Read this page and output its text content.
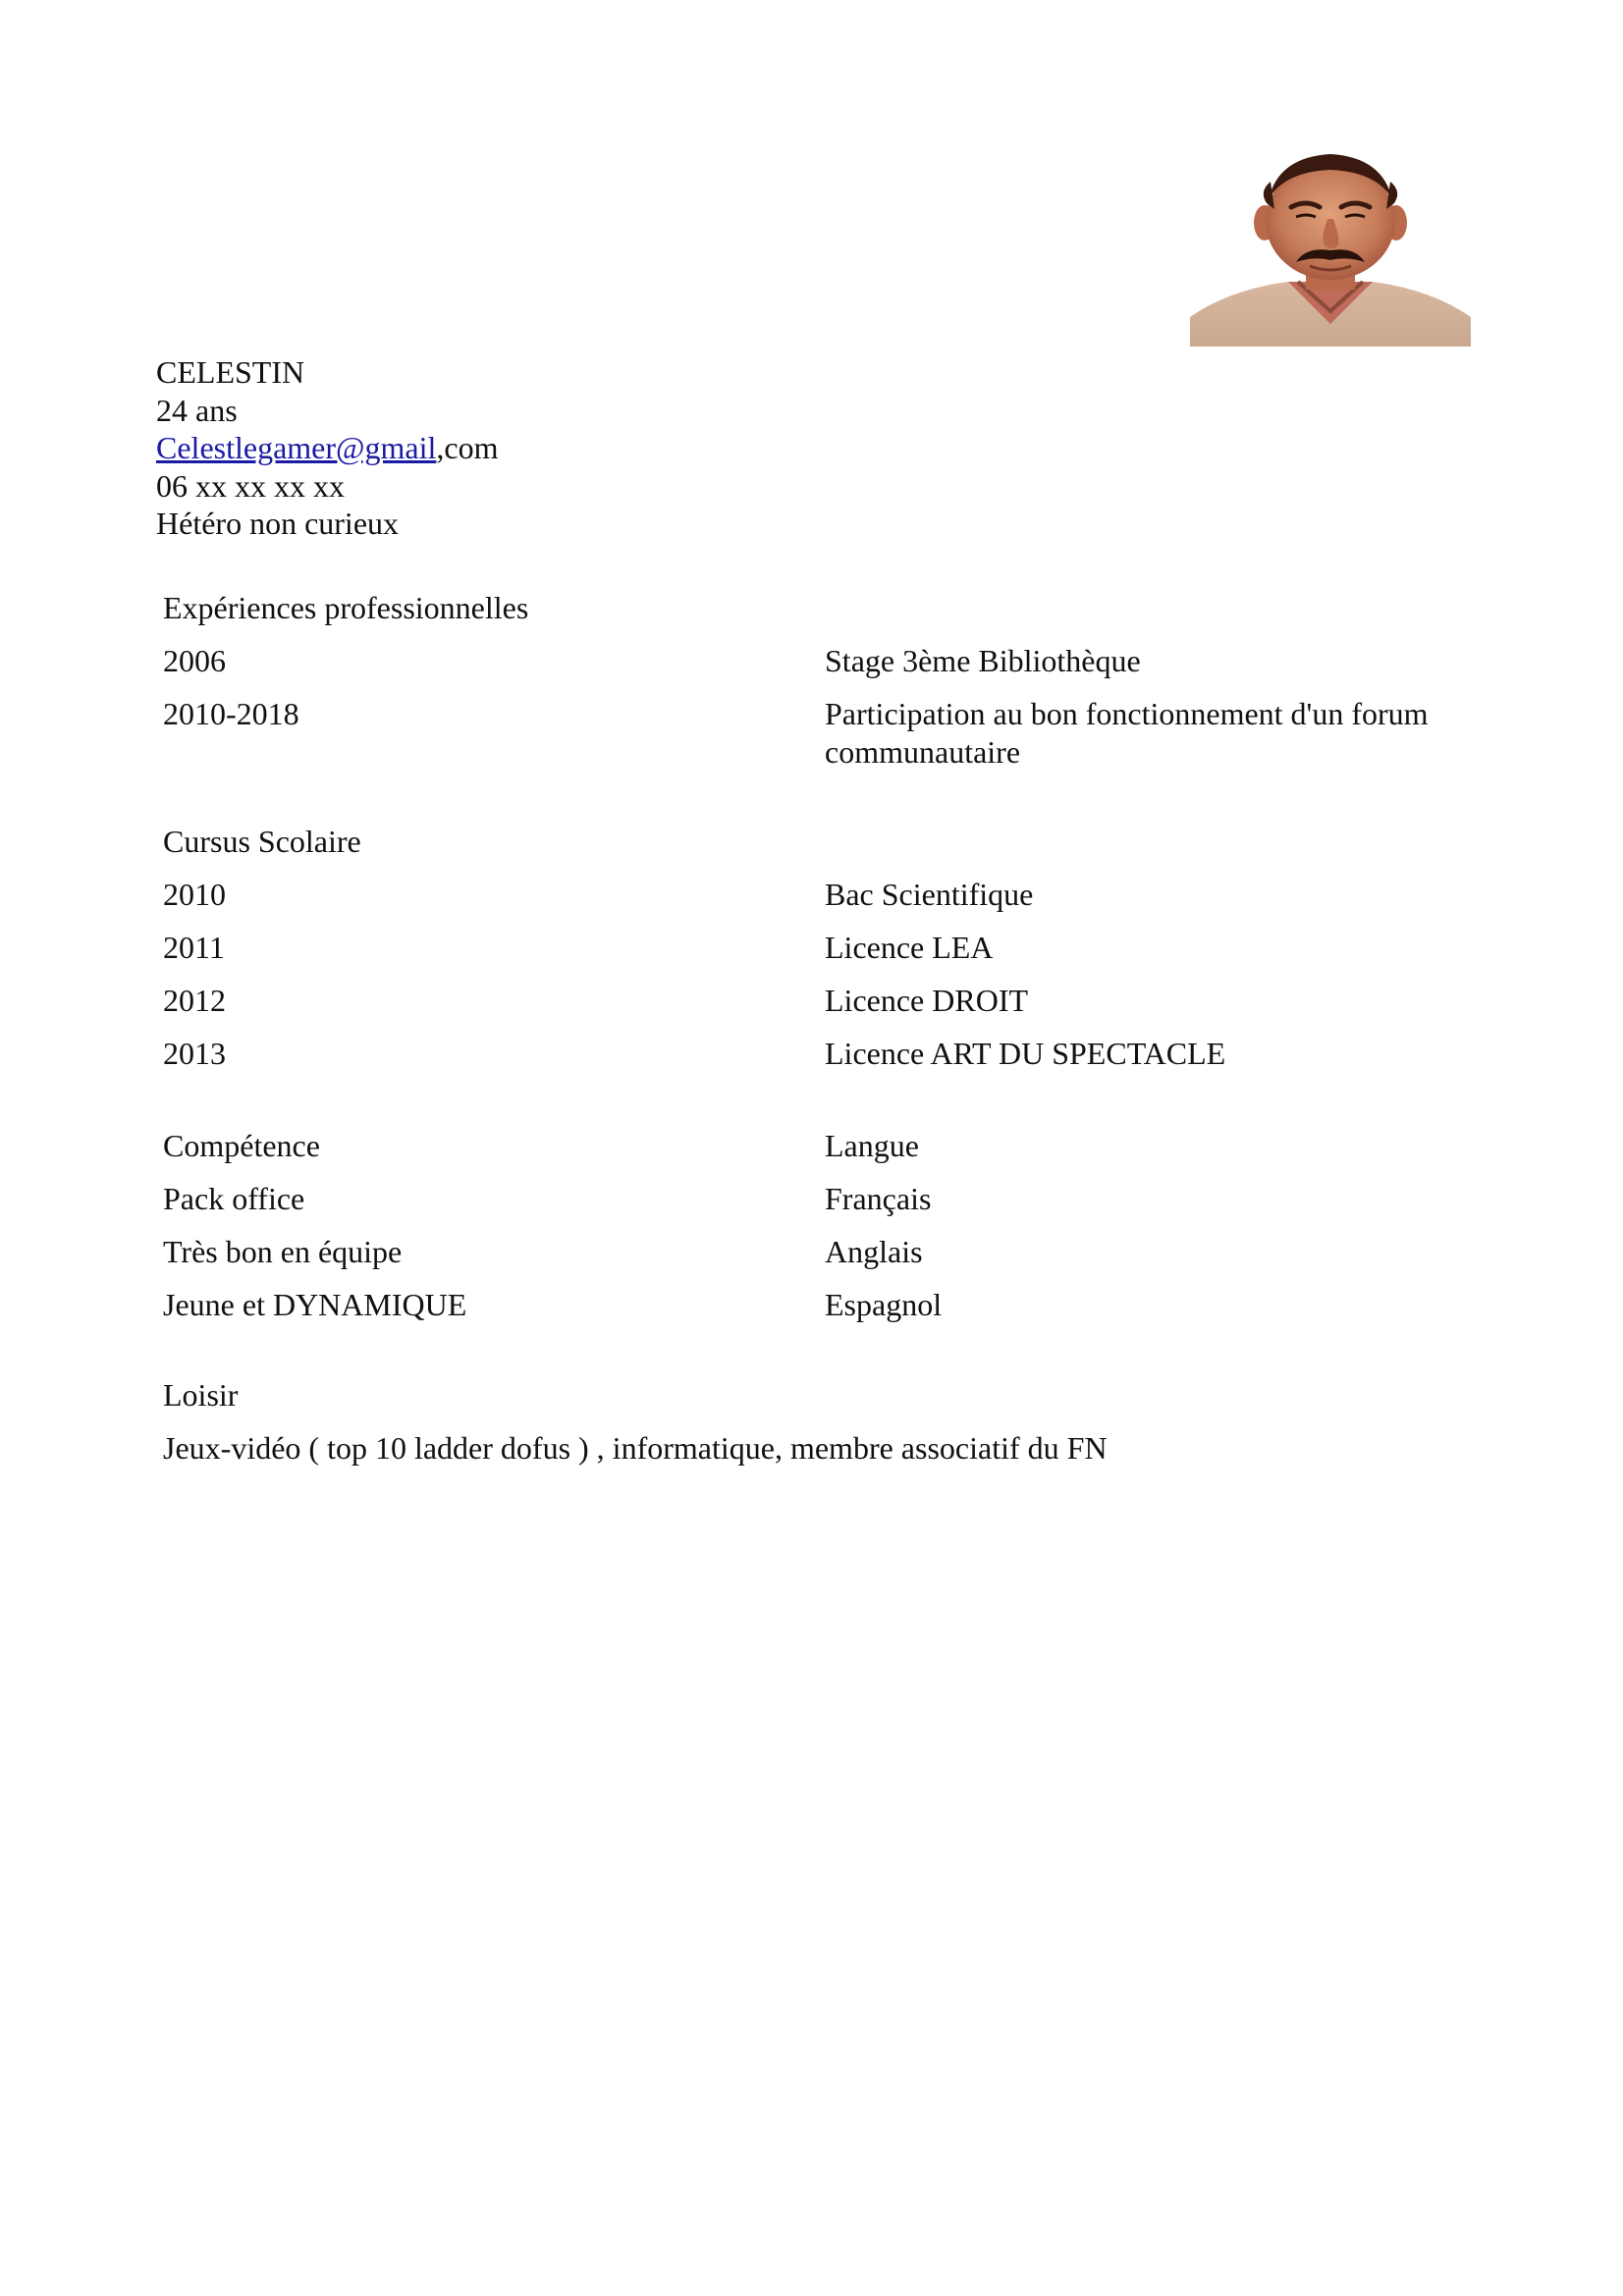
CELESTIN
24 ans
Celestlegamer@gmail,com
06 xx xx xx xx
Hétéro non curieux
Expériences professionnelles
2006	Stage 3ème Bibliothèque
2010-2018	Participation au bon fonctionnement d'un forum communautaire
Cursus Scolaire
2010	Bac Scientifique
2011	Licence LEA
2012	Licence DROIT
2013	Licence ART DU SPECTACLE
Compétence	Langue
Pack office	Français
Très bon en équipe	Anglais
Jeune et DYNAMIQUE	Espagnol
Loisir
Jeux-vidéo ( top 10 ladder dofus ) , informatique, membre associatif du FN
